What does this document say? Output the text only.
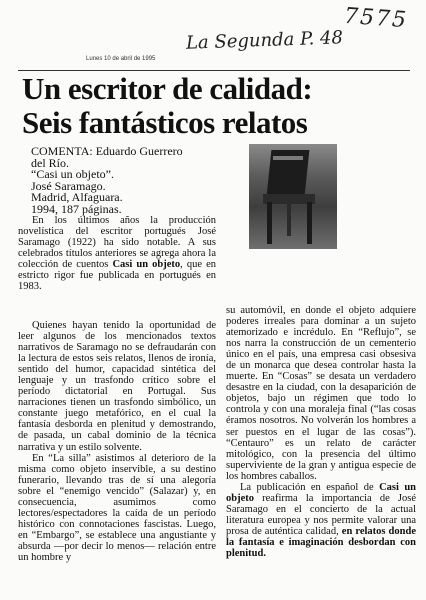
7575
La Segunda P. 48
Lunes 10 de abril de 1995
Un escritor de calidad:
Seis fantásticos relatos
COMENTA: Eduardo Guerrero
del Río.
“Casi un objeto”.
José Saramago.
Madrid, Alfaguara.
1994, 187 páginas.

En los últimos años la producción novelística del escritor portugués José Saramago (1922) ha sido notable. A sus celebrados títulos anteriores se agrega ahora la colección de cuentos Casi un objeto, que en estricto rigor fue publicada en portugués en 1983.

Quienes hayan tenido la oportunidad de leer algunos de los mencionados textos narrativos de Saramago no se defraudarán con la lectura de estos seis relatos, llenos de ironía, sentido del humor, capacidad sintética del lenguaje y un trasfondo crítico sobre el período dictatorial en Portugal. Sus narraciones tienen un trasfondo simbólico, un constante juego metafórico, en el cual la fantasía desborda en plenitud y demostrando, de pasada, un cabal dominio de la técnica narrativa y un estilo solvente.
En “La silla” asistimos al deterioro de la misma como objeto inservible, a su destino funerario, llevando tras de sí una alegoría sobre el “enemigo vencido” (Salazar) y, en consecuencia, asumimos como lectores/espectadores la caída de un período histórico con connotaciones fascistas. Luego, en “Embargo”, se establece una angustiante y absurda —por decir lo menos— relación entre un hombre y
su automóvil, en donde el objeto adquiere poderes irreales para dominar a un sujeto atemorizado e incrédulo. En “Reflujo”, se nos narra la construcción de un cementerio único en el país, una empresa casi obsesiva de un monarca que desea controlar hasta la muerte. En “Cosas” se desata un verdadero desastre en la ciudad, con la desaparición de objetos, bajo un régimen que todo lo controla y con una moraleja final (“las cosas éramos nosotros. No volverán los hombres a ser puestos en el lugar de las cosas”). “Centauro” es un relato de carácter mitológico, con la presencia del último superviviente de la gran y antigua especie de los hombres caballos.
La publicación en español de Casi un objeto reafirma la importancia de José Saramago en el concierto de la actual literatura europea y nos permite valorar una prosa de auténtica calidad, en relatos donde la fantasía e imaginación desbordan con plenitud.
